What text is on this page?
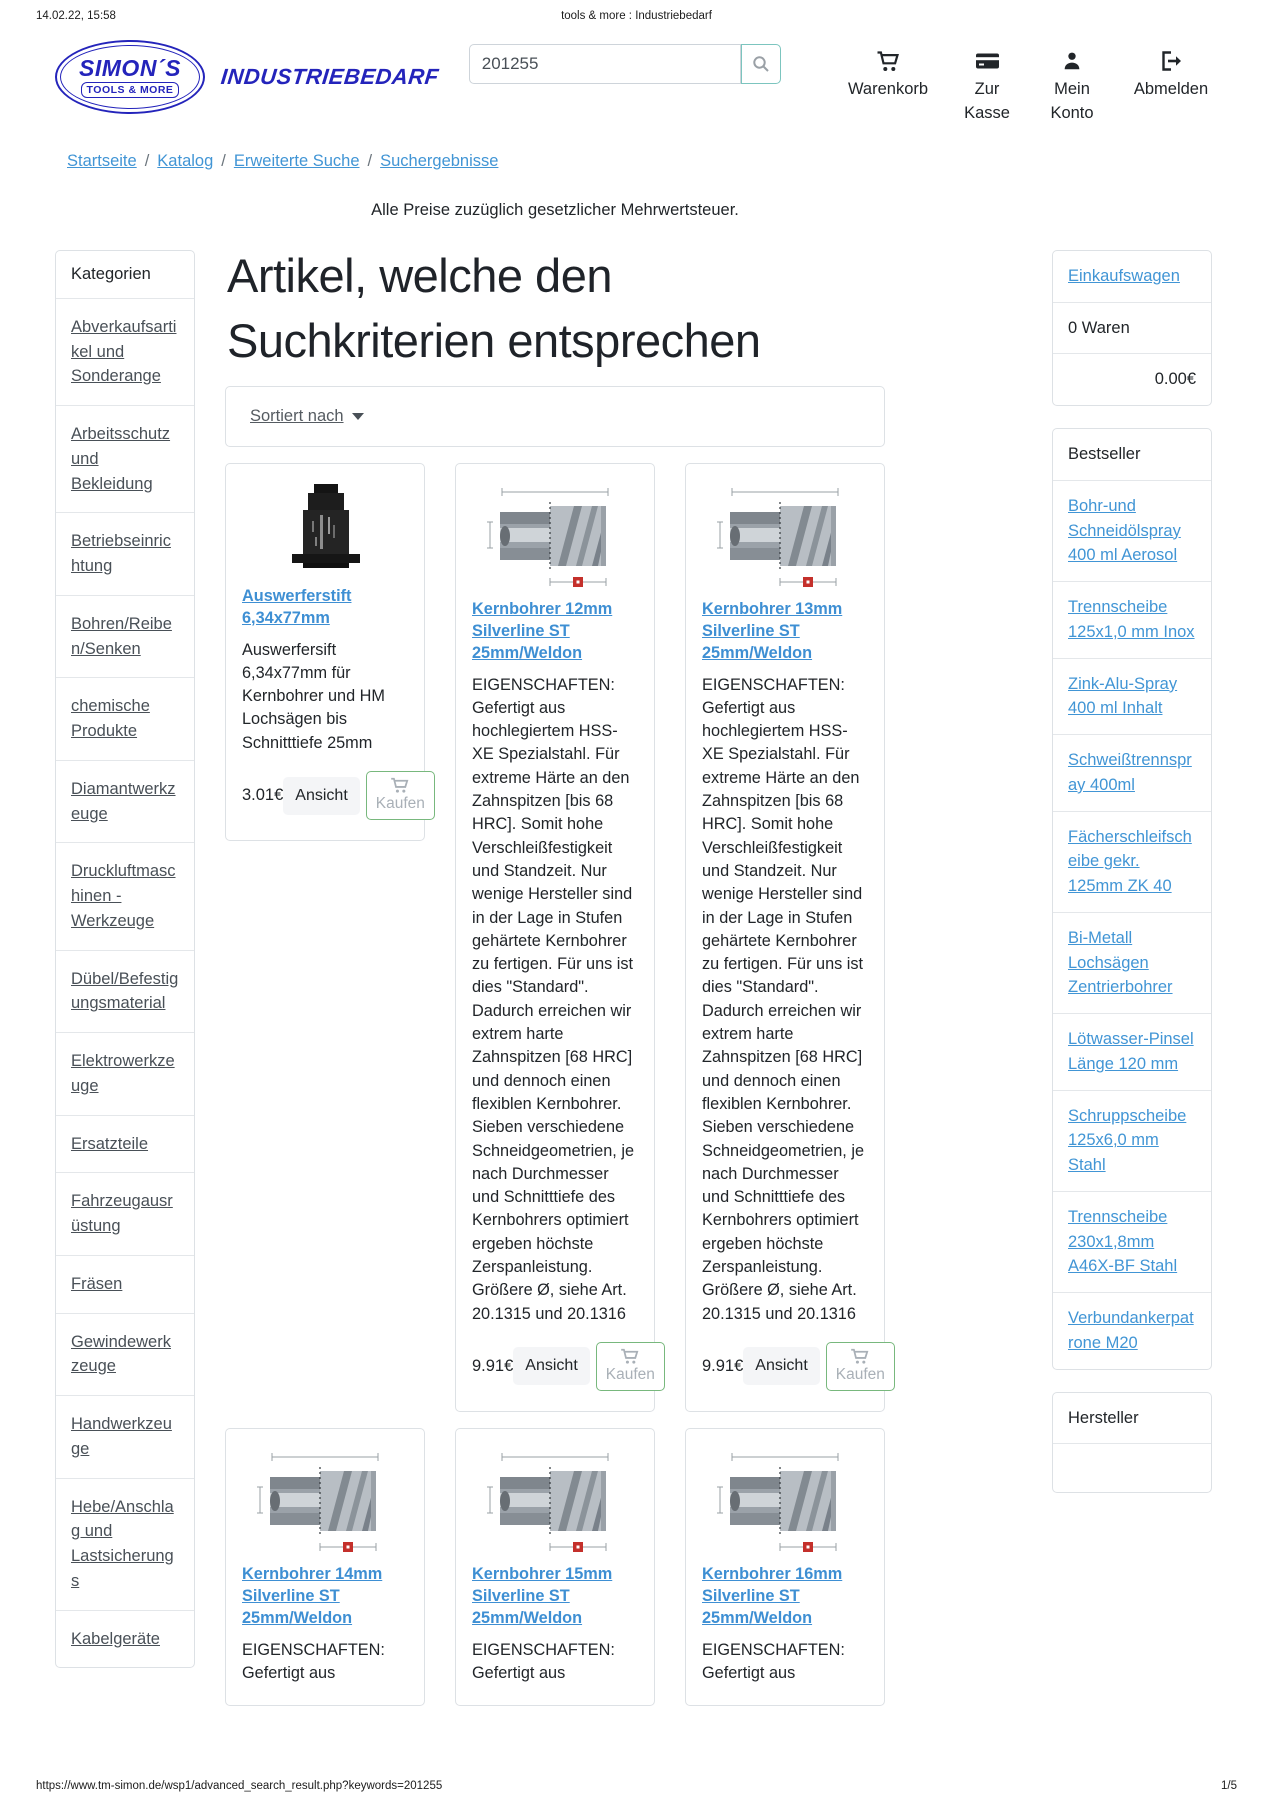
14.02.22, 15:58	tools & more : Industriebedarf
SIMON´S
TOOLS & MORE
INDUSTRIEBEDARF
201255	Warenkorb	Zur Kasse
Mein Konto
Abmelden
Startseite / Katalog / Erweiterte Suche / Suchergebnisse
Alle Preise zuzüglich gesetzlicher Mehrwertsteuer.
Kategorien
Abverkaufsartikel und Sonderange
Arbeitsschutz und Bekleidung
Betriebseinrichtung
Bohren/Reiben/Senken
chemische Produkte
Diamantwerkzeuge
Druckluftmaschinen - Werkzeuge
Dübel/Befestigungsmaterial
Elektrowerkzeuge
Ersatzteile
Fahrzeugausrüstung
Fräsen
Gewindewerkzeuge
Handwerkzeuge
Hebe/Anschlag und Lastsicherungs
Kabelgeräte
Artikel, welche den Suchkriterien entsprechen
Sortiert nach
Auswerferstift 6,34x77mm

Auswerfersift 6,34x77mm für Kernbohrer und HM Lochsägen bis Schnitttiefe 25mm

3.01€ Ansicht	Kaufen
Kernbohrer 12mm Silverline ST 25mm/Weldon

EIGENSCHAFTEN: Gefertigt aus hochlegiertem HSS-XE Spezialstahl. Für extreme Härte an den Zahnspitzen [bis 68 HRC]. Somit hohe Verschleißfestigkeit und Standzeit. Nur wenige Hersteller sind in der Lage in Stufen gehärtete Kernbohrer zu fertigen. Für uns ist dies "Standard". Dadurch erreichen wir extrem harte Zahnspitzen [68 HRC] und dennoch einen flexiblen Kernbohrer. Sieben verschiedene Schneidgeometrien, je nach Durchmesser und Schnitttiefe des Kernbohrers optimiert ergeben höchste Zerspanleistung. Größere Ø, siehe Art. 20.1315 und 20.1316

9.91€ Ansicht	Kaufen
Kernbohrer 13mm Silverline ST 25mm/Weldon

EIGENSCHAFTEN: Gefertigt aus hochlegiertem HSS-XE Spezialstahl. Für extreme Härte an den Zahnspitzen [bis 68 HRC]. Somit hohe Verschleißfestigkeit und Standzeit. Nur wenige Hersteller sind in der Lage in Stufen gehärtete Kernbohrer zu fertigen. Für uns ist dies "Standard". Dadurch erreichen wir extrem harte Zahnspitzen [68 HRC] und dennoch einen flexiblen Kernbohrer. Sieben verschiedene Schneidgeometrien, je nach Durchmesser und Schnitttiefe des Kernbohrers optimiert ergeben höchste Zerspanleistung. Größere Ø, siehe Art. 20.1315 und 20.1316

9.91€ Ansicht	Kaufen
Kernbohrer 14mm Silverline ST 25mm/Weldon

EIGENSCHAFTEN: Gefertigt aus

Kernbohrer 15mm Silverline ST 25mm/Weldon

EIGENSCHAFTEN: Gefertigt aus

Kernbohrer 16mm Silverline ST 25mm/Weldon

EIGENSCHAFTEN: Gefertigt aus

Einkaufswagen
0 Waren
0.00€
Bestseller
Bohr-und Schneidölspray 400 ml Aerosol
Trennscheibe 125x1,0 mm Inox
Zink-Alu-Spray 400 ml Inhalt
Schweißtrennspray 400ml
Fächerschleifscheibe gekr. 125mm ZK 40
Bi-Metall Lochsägen Zentrierbohrer
Lötwasser-Pinsel Länge 120 mm
Schruppscheibe 125x6,0 mm Stahl
Trennscheibe 230x1,8mm A46X-BF Stahl
Verbundankerpatrone M20
Hersteller
https://www.tm-simon.de/wsp1/advanced_search_result.php?keywords=201255	1/5
